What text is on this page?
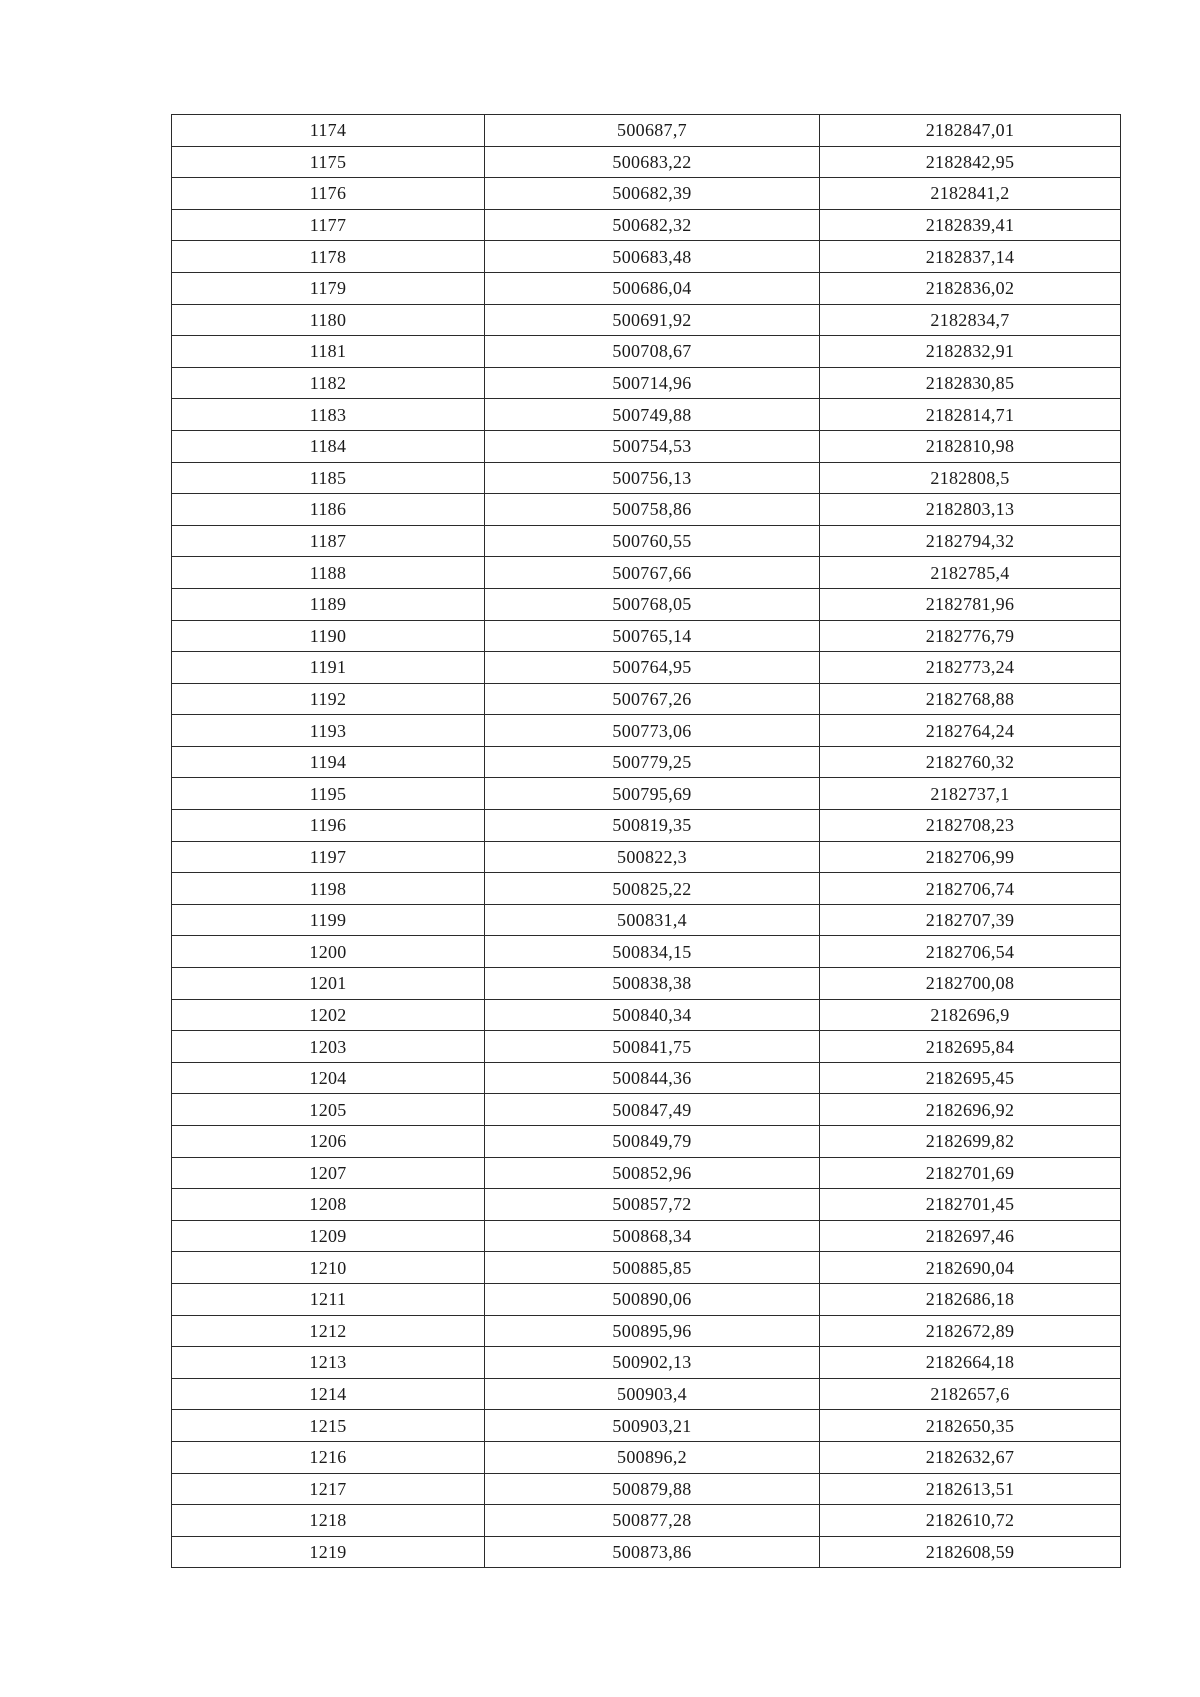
1174	500687,7	2182847,01
1175	500683,22	2182842,95
1176	500682,39	2182841,2
1177	500682,32	2182839,41
1178	500683,48	2182837,14
1179	500686,04	2182836,02
1180	500691,92	2182834,7
1181	500708,67	2182832,91
1182	500714,96	2182830,85
1183	500749,88	2182814,71
1184	500754,53	2182810,98
1185	500756,13	2182808,5
1186	500758,86	2182803,13
1187	500760,55	2182794,32
1188	500767,66	2182785,4
1189	500768,05	2182781,96
1190	500765,14	2182776,79
1191	500764,95	2182773,24
1192	500767,26	2182768,88
1193	500773,06	2182764,24
1194	500779,25	2182760,32
1195	500795,69	2182737,1
1196	500819,35	2182708,23
1197	500822,3	2182706,99
1198	500825,22	2182706,74
1199	500831,4	2182707,39
1200	500834,15	2182706,54
1201	500838,38	2182700,08
1202	500840,34	2182696,9
1203	500841,75	2182695,84
1204	500844,36	2182695,45
1205	500847,49	2182696,92
1206	500849,79	2182699,82
1207	500852,96	2182701,69
1208	500857,72	2182701,45
1209	500868,34	2182697,46
1210	500885,85	2182690,04
1211	500890,06	2182686,18
1212	500895,96	2182672,89
1213	500902,13	2182664,18
1214	500903,4	2182657,6
1215	500903,21	2182650,35
1216	500896,2	2182632,67
1217	500879,88	2182613,51
1218	500877,28	2182610,72
1219	500873,86	2182608,59
